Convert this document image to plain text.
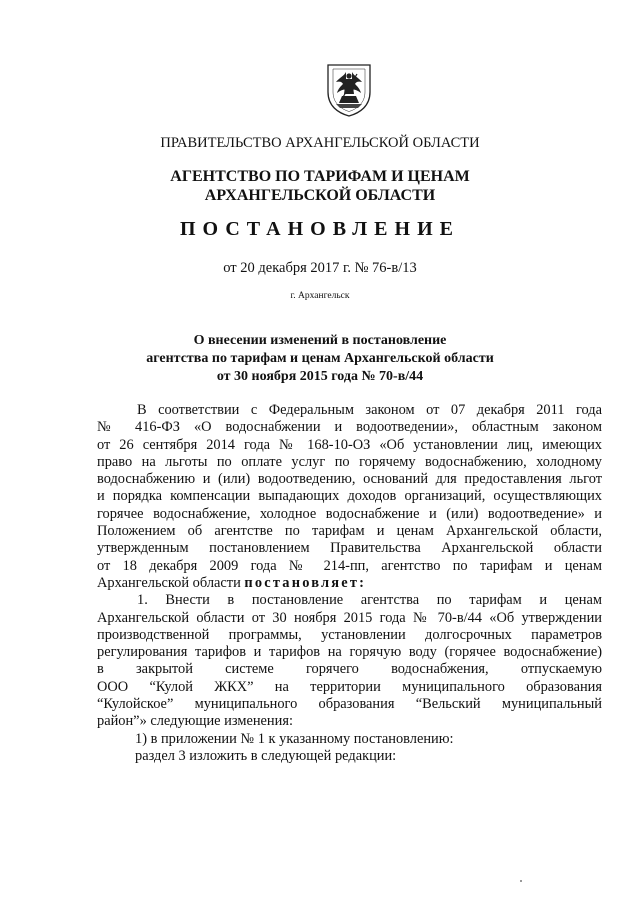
ПРАВИТЕЛЬСТВО АРХАНГЕЛЬСКОЙ ОБЛАСТИ
АГЕНТСТВО ПО ТАРИФАМ И ЦЕНАМ
АРХАНГЕЛЬСКОЙ ОБЛАСТИ
ПОСТАНОВЛЕНИЕ
от 20 декабря 2017 г. № 76-в/13
г. Архангельск
О внесении изменений в постановление
агентства по тарифам и ценам Архангельской области
от 30 ноября 2015 года № 70-в/44

В соответствии с Федеральным законом от 07 декабря 2011 года

№ 416-ФЗ «О водоснабжении и водоотведении», областным законом

от 26 сентября 2014 года № 168-10-ОЗ «Об установлении лиц, имеющих

право на льготы по оплате услуг по горячему водоснабжению, холодному

водоснабжению и (или) водоотведению, оснований для предоставления льгот

и порядка компенсации выпадающих доходов организаций, осуществляющих

горячее водоснабжение, холодное водоснабжение и (или) водоотведение» и

Положением об агентстве по тарифам и ценам Архангельской области,

утвержденным постановлением Правительства Архангельской области

от 18 декабря 2009 года № 214-пп, агентство по тарифам и ценам

Архангельской области постановляет:

1. Внести в постановление агентства по тарифам и ценам

Архангельской области от 30 ноября 2015 года № 70-в/44 «Об утверждении

производственной программы, установлении долгосрочных параметров

регулирования тарифов и тарифов на горячую воду (горячее водоснабжение)

в закрытой системе горячего водоснабжения, отпускаемую

ООО “Кулой ЖКХ” на территории муниципального образования

“Кулойское” муниципального образования “Вельский муниципальный

район”» следующие изменения:

1) в приложении № 1 к указанному постановлению:

раздел 3 изложить в следующей редакции:
